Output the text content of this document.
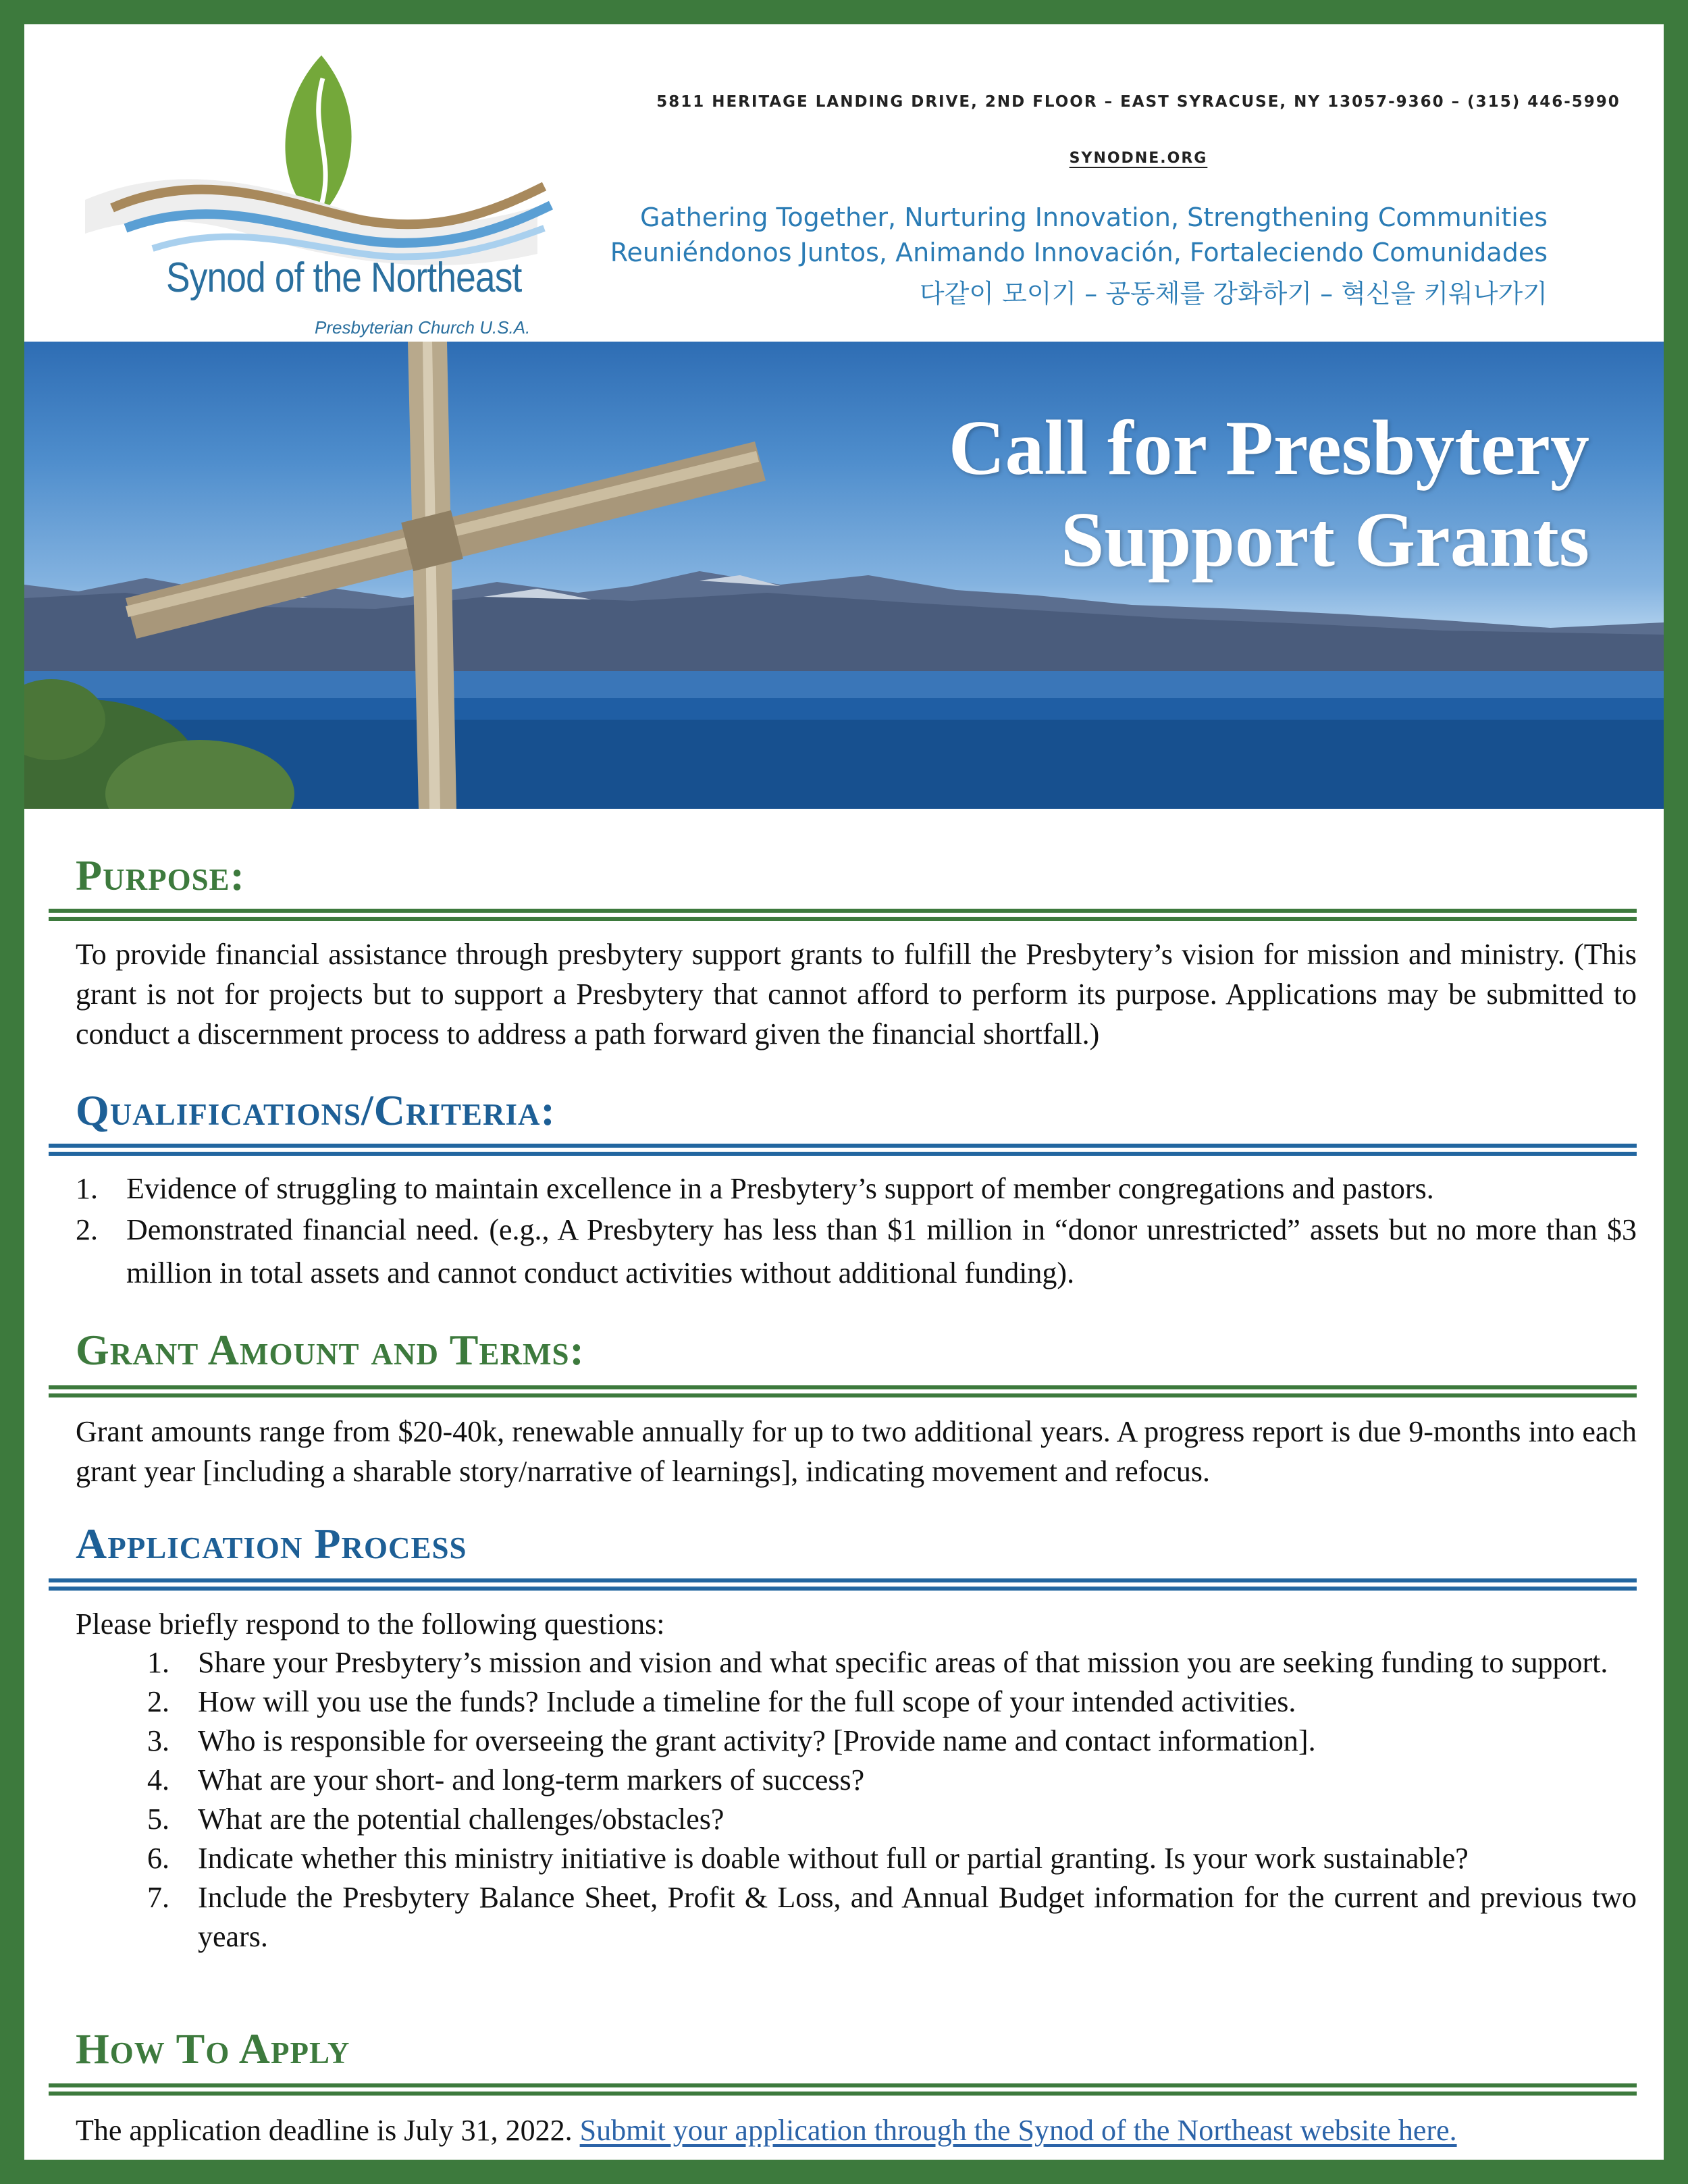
Synod of the Northeast
Presbyterian Church U.S.A.
5811 HERITAGE LANDING DRIVE, 2ND FLOOR – EAST SYRACUSE, NY 13057-9360 – (315) 446-5990
SYNODNE.ORG
Gathering Together, Nurturing Innovation, Strengthening Communities
Reuniéndonos Juntos, Animando Innovación, Fortaleciendo Comunidades
다같이 모이기 – 공동체를 강화하기 – 혁신을 키워나가기
Call for Presbytery
Support Grants
Purpose:
To provide financial assistance through presbytery support grants to fulfill the Presbytery’s vision for mission and ministry. (This grant is not for projects but to support a Presbytery that cannot afford to perform its purpose. Applications may be submitted to conduct a discernment process to address a path forward given the financial shortfall.)
Qualifications/Criteria:
1. Evidence of struggling to maintain excellence in a Presbytery’s support of member congregations and pastors.
2. Demonstrated financial need. (e.g., A Presbytery has less than $1 million in “donor unrestricted” assets but no more than $3 million in total assets and cannot conduct activities without additional funding).
Grant Amount and Terms:
Grant amounts range from $20-40k, renewable annually for up to two additional years. A progress report is due 9-months into each grant year [including a sharable story/narrative of learnings], indicating movement and refocus.
Application Process
Please briefly respond to the following questions:
1. Share your Presbytery’s mission and vision and what specific areas of that mission you are seeking funding to support.
2. How will you use the funds? Include a timeline for the full scope of your intended activities.
3. Who is responsible for overseeing the grant activity? [Provide name and contact information].
4. What are your short- and long-term markers of success?
5. What are the potential challenges/obstacles?
6. Indicate whether this ministry initiative is doable without full or partial granting. Is your work sustainable?
7. Include the Presbytery Balance Sheet, Profit & Loss, and Annual Budget information for the current and previous two years.
How To Apply
The application deadline is July 31, 2022. Submit your application through the Synod of the Northeast website here.
